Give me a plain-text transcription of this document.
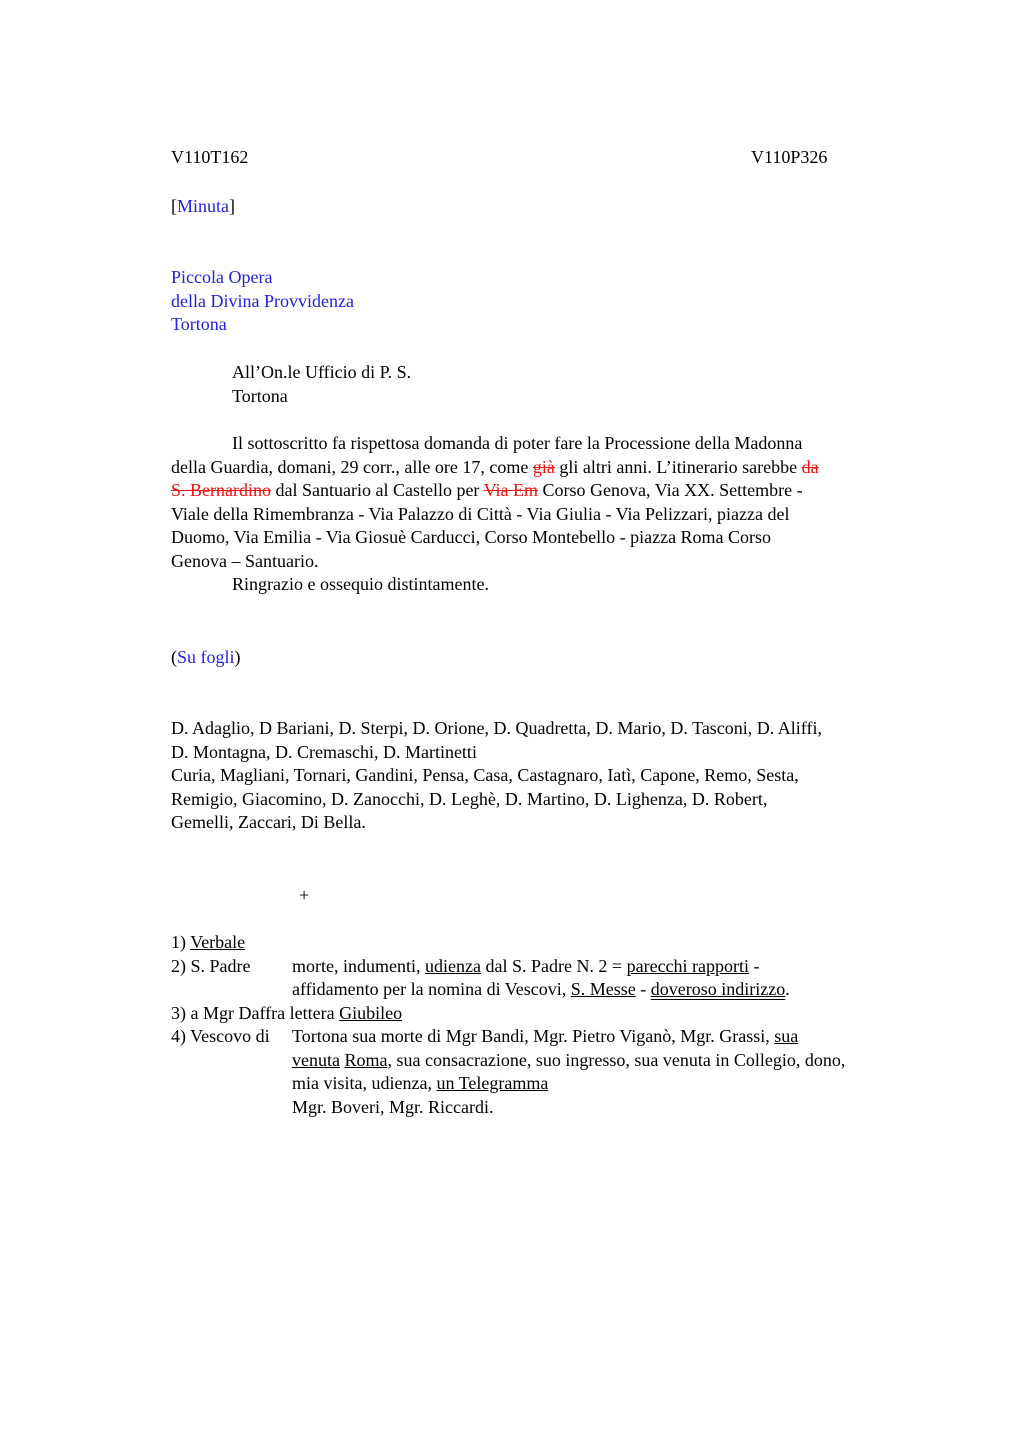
V110T162	V110P326
[Minuta]
Piccola Opera
della Divina Provvidenza
Tortona
All’On.le Ufficio di P. S.
Tortona
Il sottoscritto fa rispettosa domanda di poter fare la Processione della Madonna
della Guardia, domani, 29 corr., alle ore 17, come già gli altri anni. L’itinerario sarebbe da
S. Bernardino dal Santuario al Castello per Via Em Corso Genova, Via XX. Settembre -
Viale della Rimembranza - Via Palazzo di Città - Via Giulia - Via Pelizzari, piazza del
Duomo, Via Emilia - Via Giosuè Carducci, Corso Montebello - piazza Roma Corso
Genova – Santuario.
Ringrazio e ossequio distintamente.
(Su fogli)
D. Adaglio, D Bariani, D. Sterpi, D. Orione, D. Quadretta, D. Mario, D. Tasconi, D. Aliffi,
D. Montagna, D. Cremaschi, D. Martinetti
Curia, Magliani, Tornari, Gandini, Pensa, Casa, Castagnaro, Iatì, Capone, Remo, Sesta,
Remigio, Giacomino, D. Zanocchi, D. Leghè, D. Martino, D. Lighenza, D. Robert,
Gemelli, Zaccari, Di Bella.
+
1) Verbale
2) S. Padre	morte, indumenti, udienza dal S. Padre N. 2 = parecchi rapporti -
affidamento per la nomina di Vescovi, S. Messe - doveroso indirizzo.
3) a Mgr Daffra lettera Giubileo
4) Vescovo di	Tortona sua morte di Mgr Bandi, Mgr. Pietro Viganò, Mgr. Grassi, sua
venuta Roma, sua consacrazione, suo ingresso, sua venuta in Collegio, dono,
mia visita, udienza, un Telegramma
Mgr. Boveri, Mgr. Riccardi.
